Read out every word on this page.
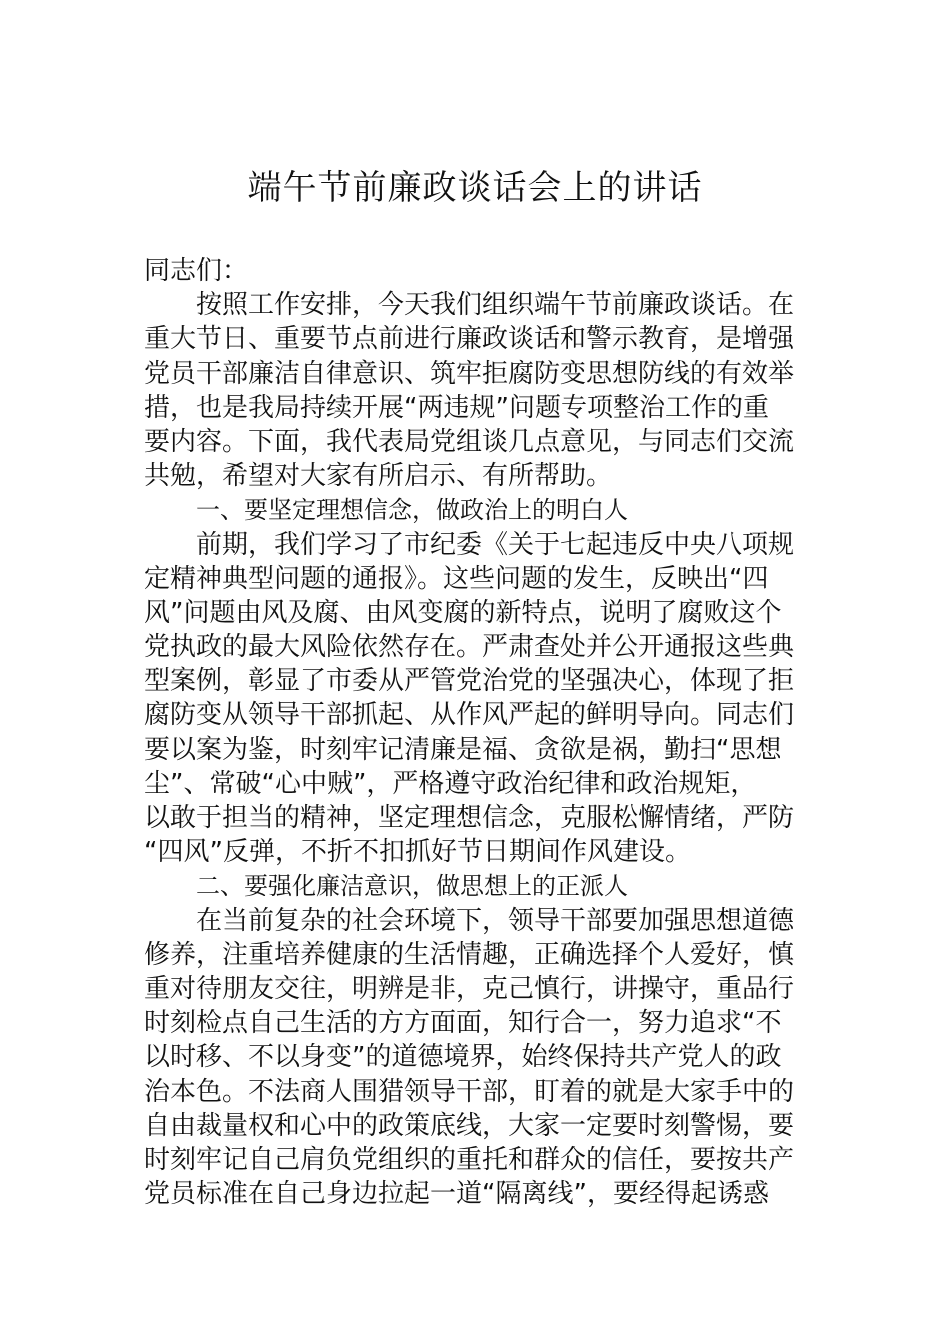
端午节前廉政谈话会上的讲话
同志们：
按照工作安排，今天我们组织端午节前廉政谈话。在
重大节日、重要节点前进行廉政谈话和警示教育，是增强
党员干部廉洁自律意识、筑牢拒腐防变思想防线的有效举
措，也是我局持续开展“两违规”问题专项整治工作的重
要内容。下面，我代表局党组谈几点意见，与同志们交流
共勉，希望对大家有所启示、有所帮助。
一、要坚定理想信念，做政治上的明白人
前期，我们学习了市纪委《关于七起违反中央八项规
定精神典型问题的通报》。这些问题的发生，反映出“四
风”问题由风及腐、由风变腐的新特点，说明了腐败这个
党执政的最大风险依然存在。严肃查处并公开通报这些典
型案例，彰显了市委从严管党治党的坚强决心，体现了拒
腐防变从领导干部抓起、从作风严起的鲜明导向。同志们
要以案为鉴，时刻牢记清廉是福、贪欲是祸，勤扫“思想
尘”、常破“心中贼”，严格遵守政治纪律和政治规矩，
以敢于担当的精神，坚定理想信念，克服松懈情绪，严防
“四风”反弹，不折不扣抓好节日期间作风建设。
二、要强化廉洁意识，做思想上的正派人
在当前复杂的社会环境下，领导干部要加强思想道德
修养，注重培养健康的生活情趣，正确选择个人爱好，慎
重对待朋友交往，明辨是非，克己慎行，讲操守，重品行
时刻检点自己生活的方方面面，知行合一，努力追求“不
以时移、不以身变”的道德境界，始终保持共产党人的政
治本色。不法商人围猎领导干部，盯着的就是大家手中的
自由裁量权和心中的政策底线，大家一定要时刻警惕，要
时刻牢记自己肩负党组织的重托和群众的信任，要按共产
党员标准在自己身边拉起一道“隔离线”，要经得起诱惑
